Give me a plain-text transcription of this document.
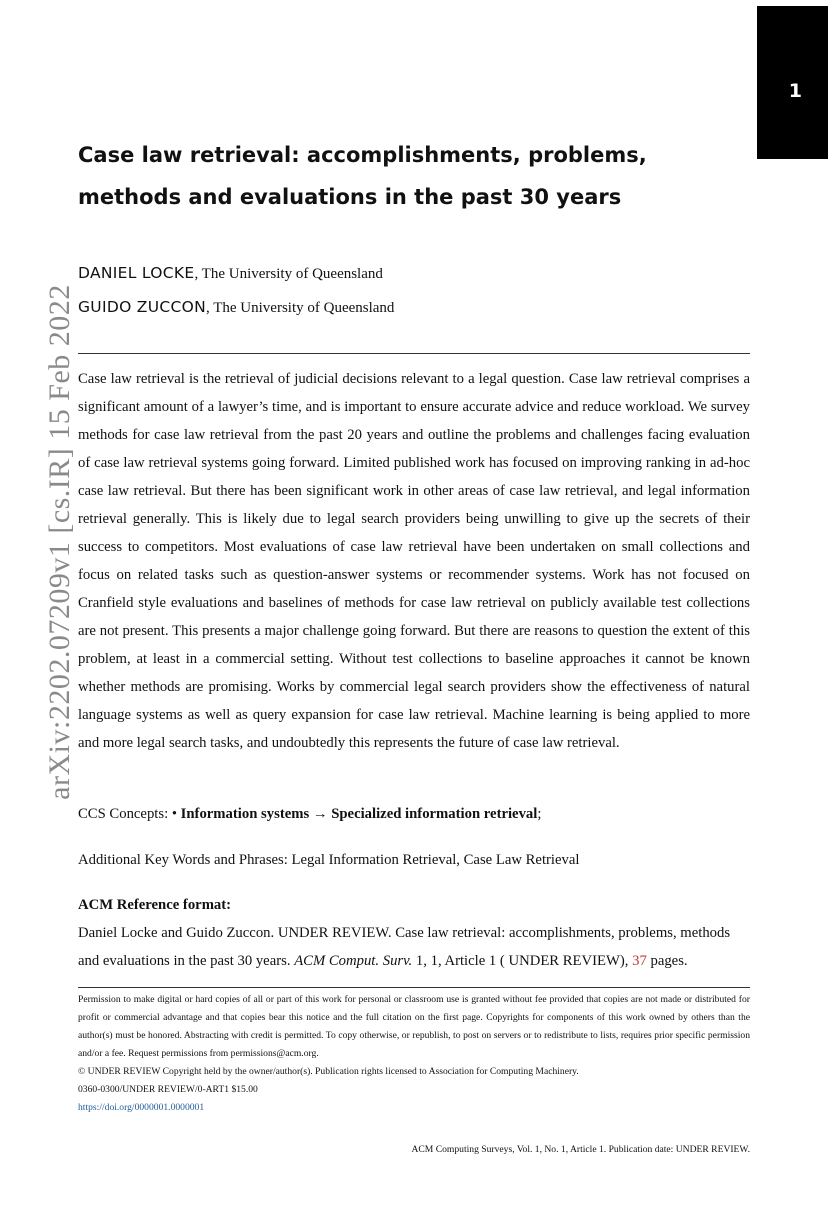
1
arXiv:2202.07209v1 [cs.IR] 15 Feb 2022
Case law retrieval: accomplishments, problems, methods and evaluations in the past 30 years
DANIEL LOCKE, The University of Queensland
GUIDO ZUCCON, The University of Queensland

Case law retrieval is the retrieval of judicial decisions relevant to a legal question. Case law retrieval comprises a significant amount of a lawyer’s time, and is important to ensure accurate advice and reduce workload. We survey methods for case law retrieval from the past 20 years and outline the problems and challenges facing evaluation of case law retrieval systems going forward. Limited published work has focused on improving ranking in ad-hoc case law retrieval. But there has been significant work in other areas of case law retrieval, and legal information retrieval generally. This is likely due to legal search providers being unwilling to give up the secrets of their success to competitors. Most evaluations of case law retrieval have been undertaken on small collections and focus on related tasks such as question-answer systems or recommender systems. Work has not focused on Cranfield style evaluations and baselines of methods for case law retrieval on publicly available test collections are not present. This presents a major challenge going forward. But there are reasons to question the extent of this problem, at least in a commercial setting. Without test collections to baseline approaches it cannot be known whether methods are promising. Works by commercial legal search providers show the effectiveness of natural language systems as well as query expansion for case law retrieval. Machine learning is being applied to more and more legal search tasks, and undoubtedly this represents the future of case law retrieval.

CCS Concepts: • Information systems → Specialized information retrieval;
Additional Key Words and Phrases: Legal Information Retrieval, Case Law Retrieval
ACM Reference format:

Daniel Locke and Guido Zuccon. UNDER REVIEW. Case law retrieval: accomplishments, problems, methods and evaluations in the past 30 years. ACM Comput. Surv. 1, 1, Article 1 ( UNDER REVIEW), 37 pages.

Permission to make digital or hard copies of all or part of this work for personal or classroom use is granted without fee provided that copies are not made or distributed for profit or commercial advantage and that copies bear this notice and the full citation on the first page. Copyrights for components of this work owned by others than the author(s) must be honored. Abstracting with credit is permitted. To copy otherwise, or republish, to post on servers or to redistribute to lists, requires prior specific permission and/or a fee. Request permissions from permissions@acm.org.

© UNDER REVIEW Copyright held by the owner/author(s). Publication rights licensed to Association for Computing Machinery.

0360-0300/UNDER REVIEW/0-ART1 $15.00

https://doi.org/0000001.0000001

ACM Computing Surveys, Vol. 1, No. 1, Article 1. Publication date: UNDER REVIEW.
